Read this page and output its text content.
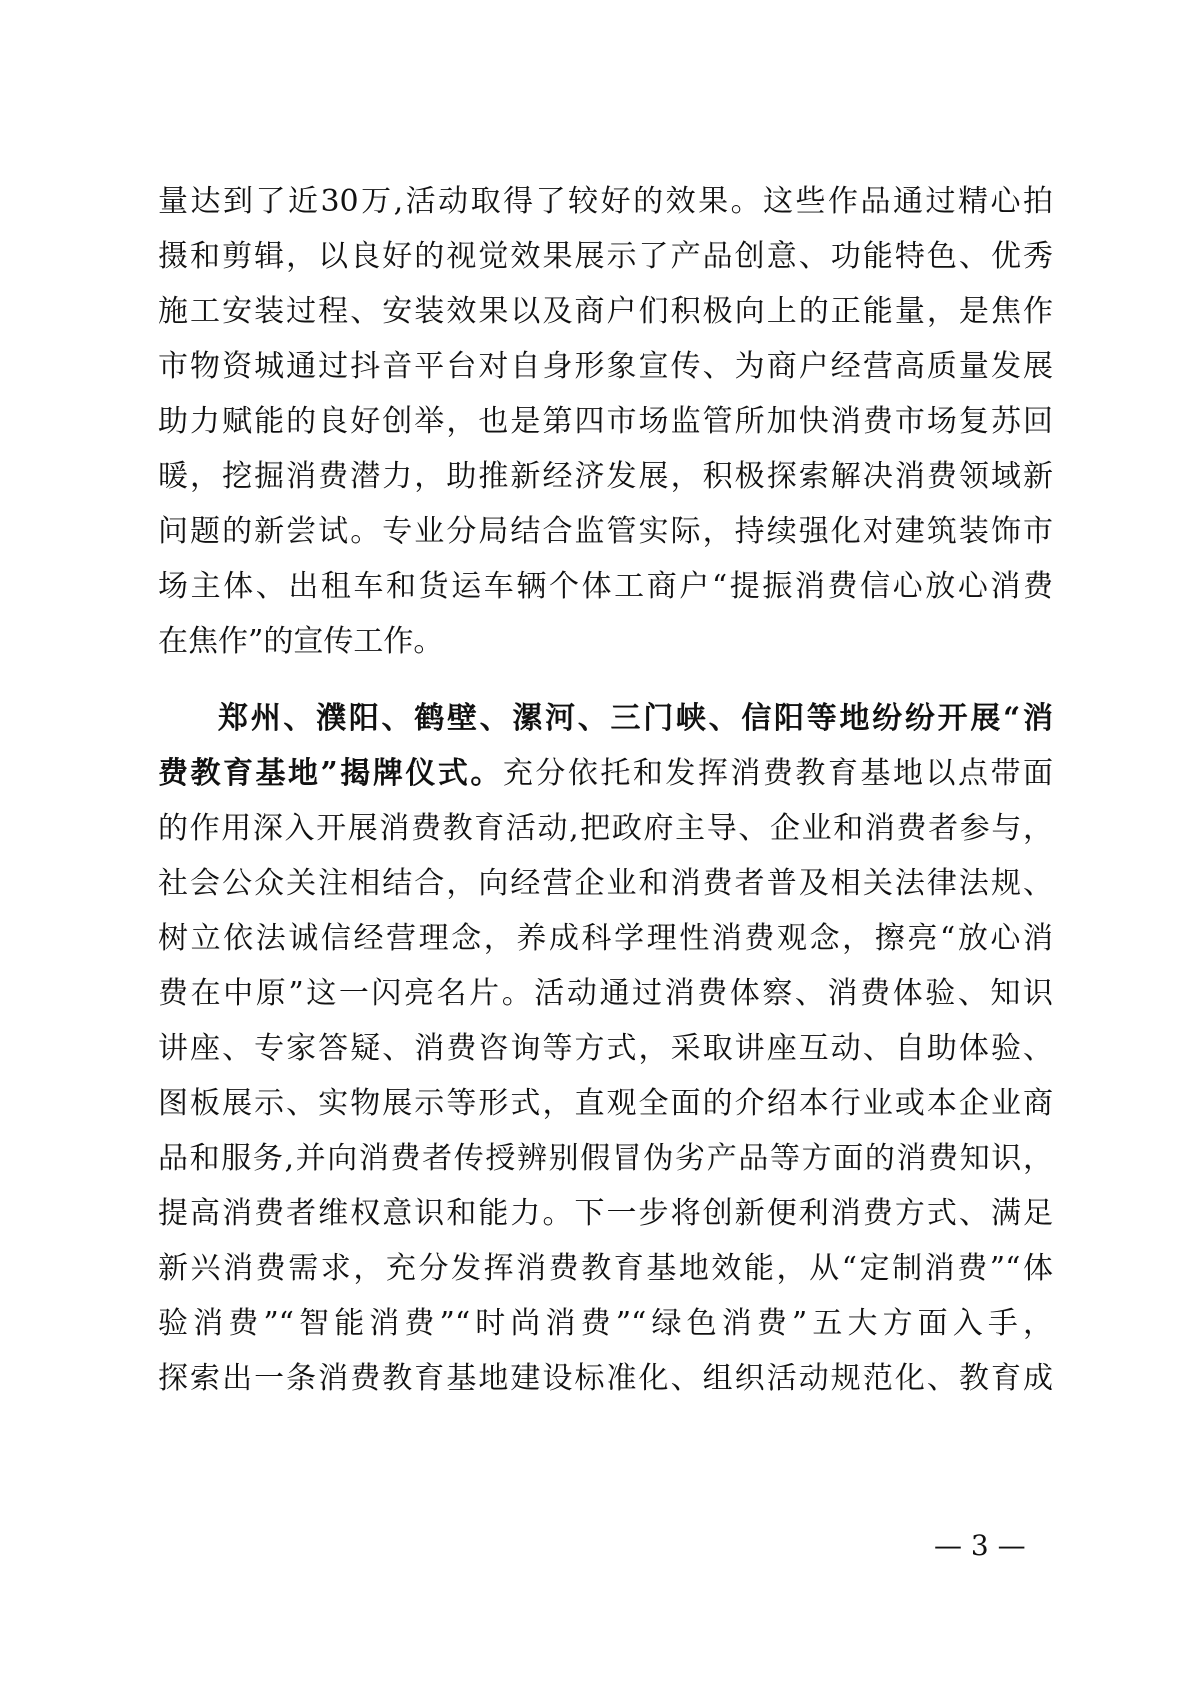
量达到了近30万,活动取得了较好的效果。这些作品通过精心拍
摄和剪辑，以良好的视觉效果展示了产品创意、功能特色、优秀
施工安装过程、安装效果以及商户们积极向上的正能量，是焦作
市物资城通过抖音平台对自身形象宣传、为商户经营高质量发展
助力赋能的良好创举，也是第四市场监管所加快消费市场复苏回
暖，挖掘消费潜力，助推新经济发展，积极探索解决消费领域新
问题的新尝试。专业分局结合监管实际，持续强化对建筑装饰市
场主体、出租车和货运车辆个体工商户“提振消费信心放心消费
在焦作”的宣传工作。
郑州、濮阳、鹤壁、漯河、三门峡、信阳等地纷纷开展“消
费教育基地”揭牌仪式。充分依托和发挥消费教育基地以点带面
的作用深入开展消费教育活动,把政府主导、企业和消费者参与，
社会公众关注相结合，向经营企业和消费者普及相关法律法规、
树立依法诚信经营理念，养成科学理性消费观念，擦亮“放心消
费在中原”这一闪亮名片。活动通过消费体察、消费体验、知识
讲座、专家答疑、消费咨询等方式，采取讲座互动、自助体验、
图板展示、实物展示等形式，直观全面的介绍本行业或本企业商
品和服务,并向消费者传授辨别假冒伪劣产品等方面的消费知识，
提高消费者维权意识和能力。下一步将创新便利消费方式、满足
新兴消费需求，充分发挥消费教育基地效能，从“定制消费”“体
验消费”“智能消费”“时尚消费”“绿色消费”五大方面入手，
探索出一条消费教育基地建设标准化、组织活动规范化、教育成
— 3 —
